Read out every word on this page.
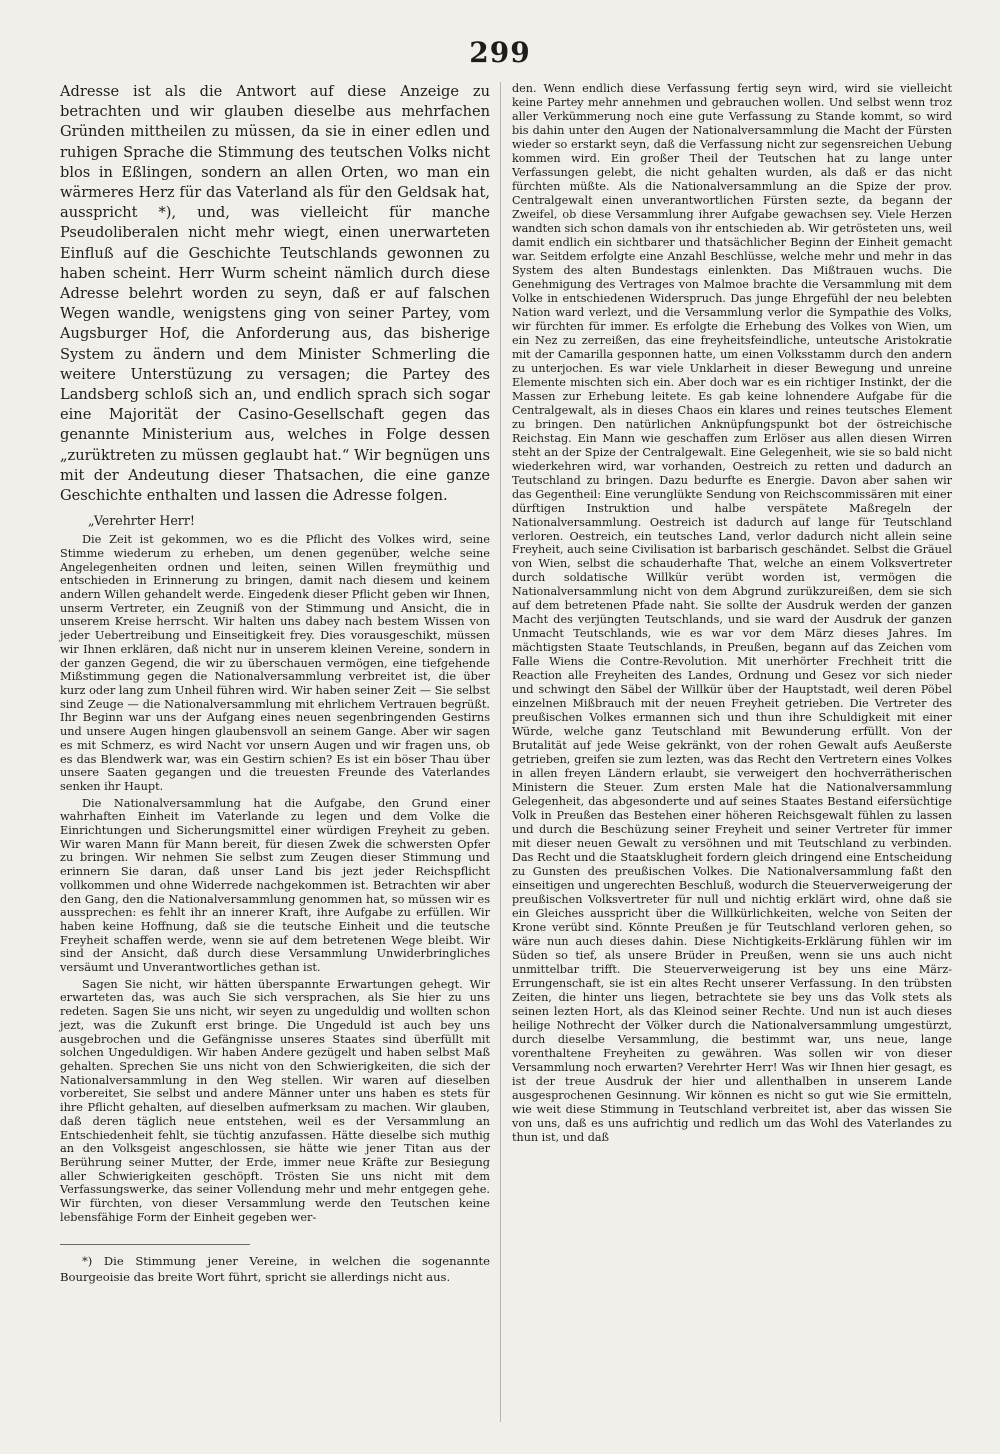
299

Adresse ist als die Antwort auf diese Anzeige zu betrachten und wir glauben dieselbe aus mehrfachen Gründen mittheilen zu müssen, da sie in einer edlen und ruhigen Sprache die Stimmung des teutschen Volks nicht blos in Eßlingen, sondern an allen Orten, wo man ein wärmeres Herz für das Vaterland als für den Geldsak hat, ausspricht *), und, was vielleicht für manche Pseudoliberalen nicht mehr wiegt, einen unerwarteten Einfluß auf die Geschichte Teutschlands gewonnen zu haben scheint. Herr Wurm scheint nämlich durch diese Adresse belehrt worden zu seyn, daß er auf falschen Wegen wandle, wenigstens ging von seiner Partey, vom Augsburger Hof, die Anforderung aus, das bisherige System zu ändern und dem Minister Schmerling die weitere Unterstüzung zu versagen; die Partey des Landsberg schloß sich an, und endlich sprach sich sogar eine Majorität der Casino-Gesellschaft gegen das genannte Ministerium aus, welches in Folge dessen „zurüktreten zu müssen geglaubt hat.“ Wir begnügen uns mit der Andeutung dieser Thatsachen, die eine ganze Geschichte enthalten und lassen die Adresse folgen.

„Verehrter Herr!

Die Zeit ist gekommen, wo es die Pflicht des Volkes wird, seine Stimme wiederum zu erheben, um denen gegenüber, welche seine Angelegenheiten ordnen und leiten, seinen Willen freymüthig und entschieden in Erinnerung zu bringen, damit nach diesem und keinem andern Willen gehandelt werde. Eingedenk dieser Pflicht geben wir Ihnen, unserm Vertreter, ein Zeugniß von der Stimmung und Ansicht, die in unserem Kreise herrscht. Wir halten uns dabey nach bestem Wissen von jeder Uebertreibung und Einseitigkeit frey. Dies vorausgeschikt, müssen wir Ihnen erklären, daß nicht nur in unserem kleinen Vereine, sondern in der ganzen Gegend, die wir zu überschauen vermögen, eine tiefgehende Mißstimmung gegen die Nationalversammlung verbreitet ist, die über kurz oder lang zum Unheil führen wird. Wir haben seiner Zeit — Sie selbst sind Zeuge — die Nationalversammlung mit ehrlichem Vertrauen begrüßt. Ihr Beginn war uns der Aufgang eines neuen segenbringenden Gestirns und unsere Augen hingen glaubensvoll an seinem Gange. Aber wir sagen es mit Schmerz, es wird Nacht vor unsern Augen und wir fragen uns, ob es das Blendwerk war, was ein Gestirn schien? Es ist ein böser Thau über unsere Saaten gegangen und die treuesten Freunde des Vaterlandes senken ihr Haupt.

Die Nationalversammlung hat die Aufgabe, den Grund einer wahrhaften Einheit im Vaterlande zu legen und dem Volke die Einrichtungen und Sicherungsmittel einer würdigen Freyheit zu geben. Wir waren Mann für Mann bereit, für diesen Zwek die schwersten Opfer zu bringen. Wir nehmen Sie selbst zum Zeugen dieser Stimmung und erinnern Sie daran, daß unser Land bis jezt jeder Reichspflicht vollkommen und ohne Widerrede nachgekommen ist. Betrachten wir aber den Gang, den die Nationalversammlung genommen hat, so müssen wir es aussprechen: es fehlt ihr an innerer Kraft, ihre Aufgabe zu erfüllen. Wir haben keine Hoffnung, daß sie die teutsche Einheit und die teutsche Freyheit schaffen werde, wenn sie auf dem betretenen Wege bleibt. Wir sind der Ansicht, daß durch diese Versammlung Unwiderbringliches versäumt und Unverantwortliches gethan ist.

Sagen Sie nicht, wir hätten überspannte Erwartungen gehegt. Wir erwarteten das, was auch Sie sich versprachen, als Sie hier zu uns redeten. Sagen Sie uns nicht, wir seyen zu ungeduldig und wollten schon jezt, was die Zukunft erst bringe. Die Ungeduld ist auch bey uns ausgebrochen und die Gefängnisse unseres Staates sind überfüllt mit solchen Ungeduldigen. Wir haben Andere gezügelt und haben selbst Maß gehalten. Sprechen Sie uns nicht von den Schwierigkeiten, die sich der Nationalversammlung in den Weg stellen. Wir waren auf dieselben vorbereitet, Sie selbst und andere Männer unter uns haben es stets für ihre Pflicht gehalten, auf dieselben aufmerksam zu machen. Wir glauben, daß deren täglich neue entstehen, weil es der Versammlung an Entschiedenheit fehlt, sie tüchtig anzufassen. Hätte dieselbe sich muthig an den Volksgeist angeschlossen, sie hätte wie jener Titan aus der Berührung seiner Mutter, der Erde, immer neue Kräfte zur Besiegung aller Schwierigkeiten geschöpft. Trösten Sie uns nicht mit dem Verfassungswerke, das seiner Vollendung mehr und mehr entgegen gehe. Wir fürchten, von dieser Versammlung werde den Teutschen keine lebensfähige Form der Einheit gegeben wer-

*) Die Stimmung jener Vereine, in welchen die sogenannte Bourgeoisie das breite Wort führt, spricht sie allerdings nicht aus.

den. Wenn endlich diese Verfassung fertig seyn wird, wird sie vielleicht keine Partey mehr annehmen und gebrauchen wollen. Und selbst wenn troz aller Verkümmerung noch eine gute Verfassung zu Stande kommt, so wird bis dahin unter den Augen der Nationalversammlung die Macht der Fürsten wieder so erstarkt seyn, daß die Verfassung nicht zur segensreichen Uebung kommen wird. Ein großer Theil der Teutschen hat zu lange unter Verfassungen gelebt, die nicht gehalten wurden, als daß er das nicht fürchten müßte. Als die Nationalversammlung an die Spize der prov. Centralgewalt einen unverantwortlichen Fürsten sezte, da begann der Zweifel, ob diese Versammlung ihrer Aufgabe gewachsen sey. Viele Herzen wandten sich schon damals von ihr entschieden ab. Wir getrösteten uns, weil damit endlich ein sichtbarer und thatsächlicher Beginn der Einheit gemacht war. Seitdem erfolgte eine Anzahl Beschlüsse, welche mehr und mehr in das System des alten Bundestags einlenkten. Das Mißtrauen wuchs. Die Genehmigung des Vertrages von Malmoe brachte die Versammlung mit dem Volke in entschiedenen Widerspruch. Das junge Ehrgefühl der neu belebten Nation ward verlezt, und die Versammlung verlor die Sympathie des Volks, wir fürchten für immer. Es erfolgte die Erhebung des Volkes von Wien, um ein Nez zu zerreißen, das eine freyheitsfeindliche, unteutsche Aristokratie mit der Camarilla gesponnen hatte, um einen Volksstamm durch den andern zu unterjochen. Es war viele Unklarheit in dieser Bewegung und unreine Elemente mischten sich ein. Aber doch war es ein richtiger Instinkt, der die Massen zur Erhebung leitete. Es gab keine lohnendere Aufgabe für die Centralgewalt, als in dieses Chaos ein klares und reines teutsches Element zu bringen. Den natürlichen Anknüpfungspunkt bot der östreichische Reichstag. Ein Mann wie geschaffen zum Erlöser aus allen diesen Wirren steht an der Spize der Centralgewalt. Eine Gelegenheit, wie sie so bald nicht wiederkehren wird, war vorhanden, Oestreich zu retten und dadurch an Teutschland zu bringen. Dazu bedurfte es Energie. Davon aber sahen wir das Gegentheil: Eine verunglükte Sendung von Reichscommissären mit einer dürftigen Instruktion und halbe verspätete Maßregeln der Nationalversammlung. Oestreich ist dadurch auf lange für Teutschland verloren. Oestreich, ein teutsches Land, verlor dadurch nicht allein seine Freyheit, auch seine Civilisation ist barbarisch geschändet. Selbst die Gräuel von Wien, selbst die schauderhafte That, welche an einem Volksvertreter durch soldatische Willkür verübt worden ist, vermögen die Nationalversammlung nicht von dem Abgrund zurükzureißen, dem sie sich auf dem betretenen Pfade naht. Sie sollte der Ausdruk werden der ganzen Macht des verjüngten Teutschlands, und sie ward der Ausdruk der ganzen Unmacht Teutschlands, wie es war vor dem März dieses Jahres. Im mächtigsten Staate Teutschlands, in Preußen, begann auf das Zeichen vom Falle Wiens die Contre-Revolution. Mit unerhörter Frechheit tritt die Reaction alle Freyheiten des Landes, Ordnung und Gesez vor sich nieder und schwingt den Säbel der Willkür über der Hauptstadt, weil deren Pöbel einzelnen Mißbrauch mit der neuen Freyheit getrieben. Die Vertreter des preußischen Volkes ermannen sich und thun ihre Schuldigkeit mit einer Würde, welche ganz Teutschland mit Bewunderung erfüllt. Von der Brutalität auf jede Weise gekränkt, von der rohen Gewalt aufs Aeußerste getrieben, greifen sie zum lezten, was das Recht den Vertretern eines Volkes in allen freyen Ländern erlaubt, sie verweigert den hochverrätherischen Ministern die Steuer. Zum ersten Male hat die Nationalversammlung Gelegenheit, das abgesonderte und auf seines Staates Bestand eifersüchtige Volk in Preußen das Bestehen einer höheren Reichsgewalt fühlen zu lassen und durch die Beschüzung seiner Freyheit und seiner Vertreter für immer mit dieser neuen Gewalt zu versöhnen und mit Teutschland zu verbinden. Das Recht und die Staatsklugheit fordern gleich dringend eine Entscheidung zu Gunsten des preußischen Volkes. Die Nationalversammlung faßt den einseitigen und ungerechten Beschluß, wodurch die Steuerverweigerung der preußischen Volksvertreter für null und nichtig erklärt wird, ohne daß sie ein Gleiches ausspricht über die Willkürlichkeiten, welche von Seiten der Krone verübt sind. Könnte Preußen je für Teutschland verloren gehen, so wäre nun auch dieses dahin. Diese Nichtigkeits-Erklärung fühlen wir im Süden so tief, als unsere Brüder in Preußen, wenn sie uns auch nicht unmittelbar trifft. Die Steuerverweigerung ist bey uns eine März-Errungenschaft, sie ist ein altes Recht unserer Verfassung. In den trübsten Zeiten, die hinter uns liegen, betrachtete sie bey uns das Volk stets als seinen lezten Hort, als das Kleinod seiner Rechte. Und nun ist auch dieses heilige Nothrecht der Völker durch die Nationalversammlung umgestürzt, durch dieselbe Versammlung, die bestimmt war, uns neue, lange vorenthaltene Freyheiten zu gewähren. Was sollen wir von dieser Versammlung noch erwarten? Verehrter Herr! Was wir Ihnen hier gesagt, es ist der treue Ausdruk der hier und allenthalben in unserem Lande ausgesprochenen Gesinnung. Wir können es nicht so gut wie Sie ermitteln, wie weit diese Stimmung in Teutschland verbreitet ist, aber das wissen Sie von uns, daß es uns aufrichtig und redlich um das Wohl des Vaterlandes zu thun ist, und daß
